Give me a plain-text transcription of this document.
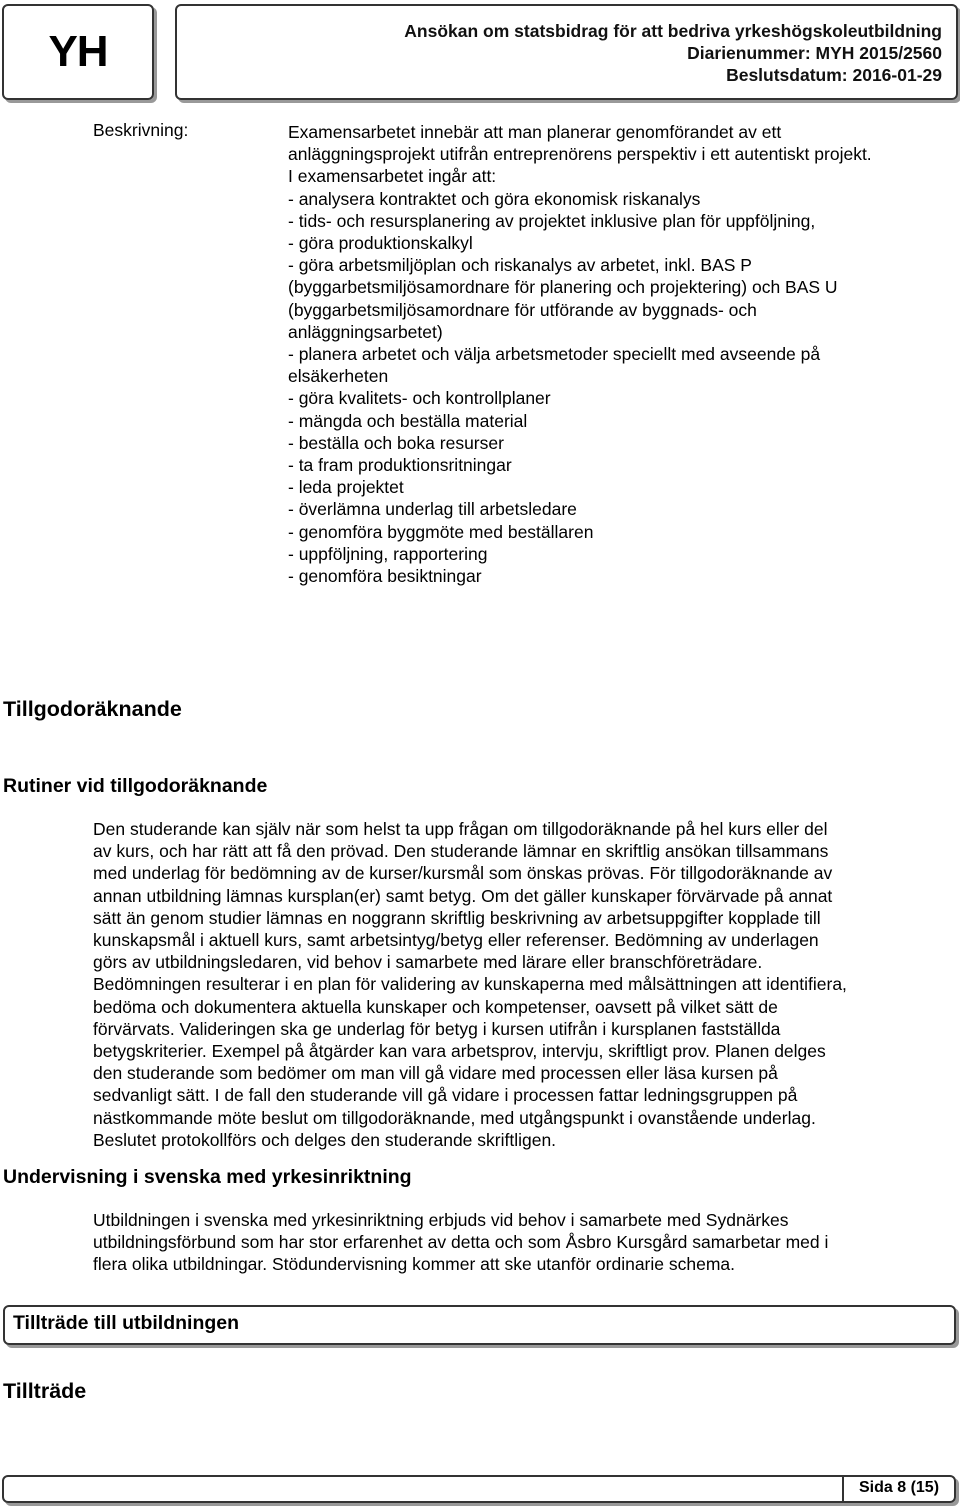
YH	Ansökan om statsbidrag för att bedriva yrkeshögskoleutbildning
Diarienummer: MYH 2015/2560
Beslutsdatum: 2016-01-29
Beskrivning:	Examensarbetet innebär att man planerar genomförandet av ett
anläggningsprojekt utifrån entreprenörens perspektiv i ett autentiskt projekt.
I examensarbetet ingår att:
- analysera kontraktet och göra ekonomisk riskanalys
- tids- och resursplanering av projektet inklusive plan för uppföljning,
- göra produktionskalkyl
- göra arbetsmiljöplan och riskanalys av arbetet, inkl. BAS P
(byggarbetsmiljösamordnare för planering och projektering) och BAS U
(byggarbetsmiljösamordnare för utförande av byggnads- och
anläggningsarbetet)
- planera arbetet och välja arbetsmetoder speciellt med avseende på
elsäkerheten
- göra kvalitets- och kontrollplaner
- mängda och beställa material
- beställa och boka resurser
- ta fram produktionsritningar
- leda projektet
- överlämna underlag till arbetsledare
- genomföra byggmöte med beställaren
- uppföljning, rapportering
- genomföra besiktningar
Tillgodoräknande
Rutiner vid tillgodoräknande
Den studerande kan själv när som helst ta upp frågan om tillgodoräknande på hel kurs eller del
av kurs, och har rätt att få den prövad. Den studerande lämnar en skriftlig ansökan tillsammans
med underlag för bedömning av de kurser/kursmål som önskas prövas. För tillgodoräknande av
annan utbildning lämnas kursplan(er) samt betyg. Om det gäller kunskaper förvärvade på annat
sätt än genom studier lämnas en noggrann skriftlig beskrivning av arbetsuppgifter kopplade till
kunskapsmål i aktuell kurs, samt arbetsintyg/betyg eller referenser. Bedömning av underlagen
görs av utbildningsledaren, vid behov i samarbete med lärare eller branschföreträdare.
Bedömningen resulterar i en plan för validering av kunskaperna med målsättningen att identifiera,
bedöma och dokumentera aktuella kunskaper och kompetenser, oavsett på vilket sätt de
förvärvats. Valideringen ska ge underlag för betyg i kursen utifrån i kursplanen fastställda
betygskriterier. Exempel på åtgärder kan vara arbetsprov, intervju, skriftligt prov. Planen delges
den studerande som bedömer om man vill gå vidare med processen eller läsa kursen på
sedvanligt sätt. I de fall den studerande vill gå vidare i processen fattar ledningsgruppen på
nästkommande möte beslut om tillgodoräknande, med utgångspunkt i ovanstående underlag.
Beslutet protokollförs och delges den studerande skriftligen.
Undervisning i svenska med yrkesinriktning
Utbildningen i svenska med yrkesinriktning erbjuds vid behov i samarbete med Sydnärkes
utbildningsförbund som har stor erfarenhet av detta och som Åsbro Kursgård samarbetar med i
flera olika utbildningar. Stödundervisning kommer att ske utanför ordinarie schema.
Tillträde till utbildningen
Tillträde
Sida 8 (15)
